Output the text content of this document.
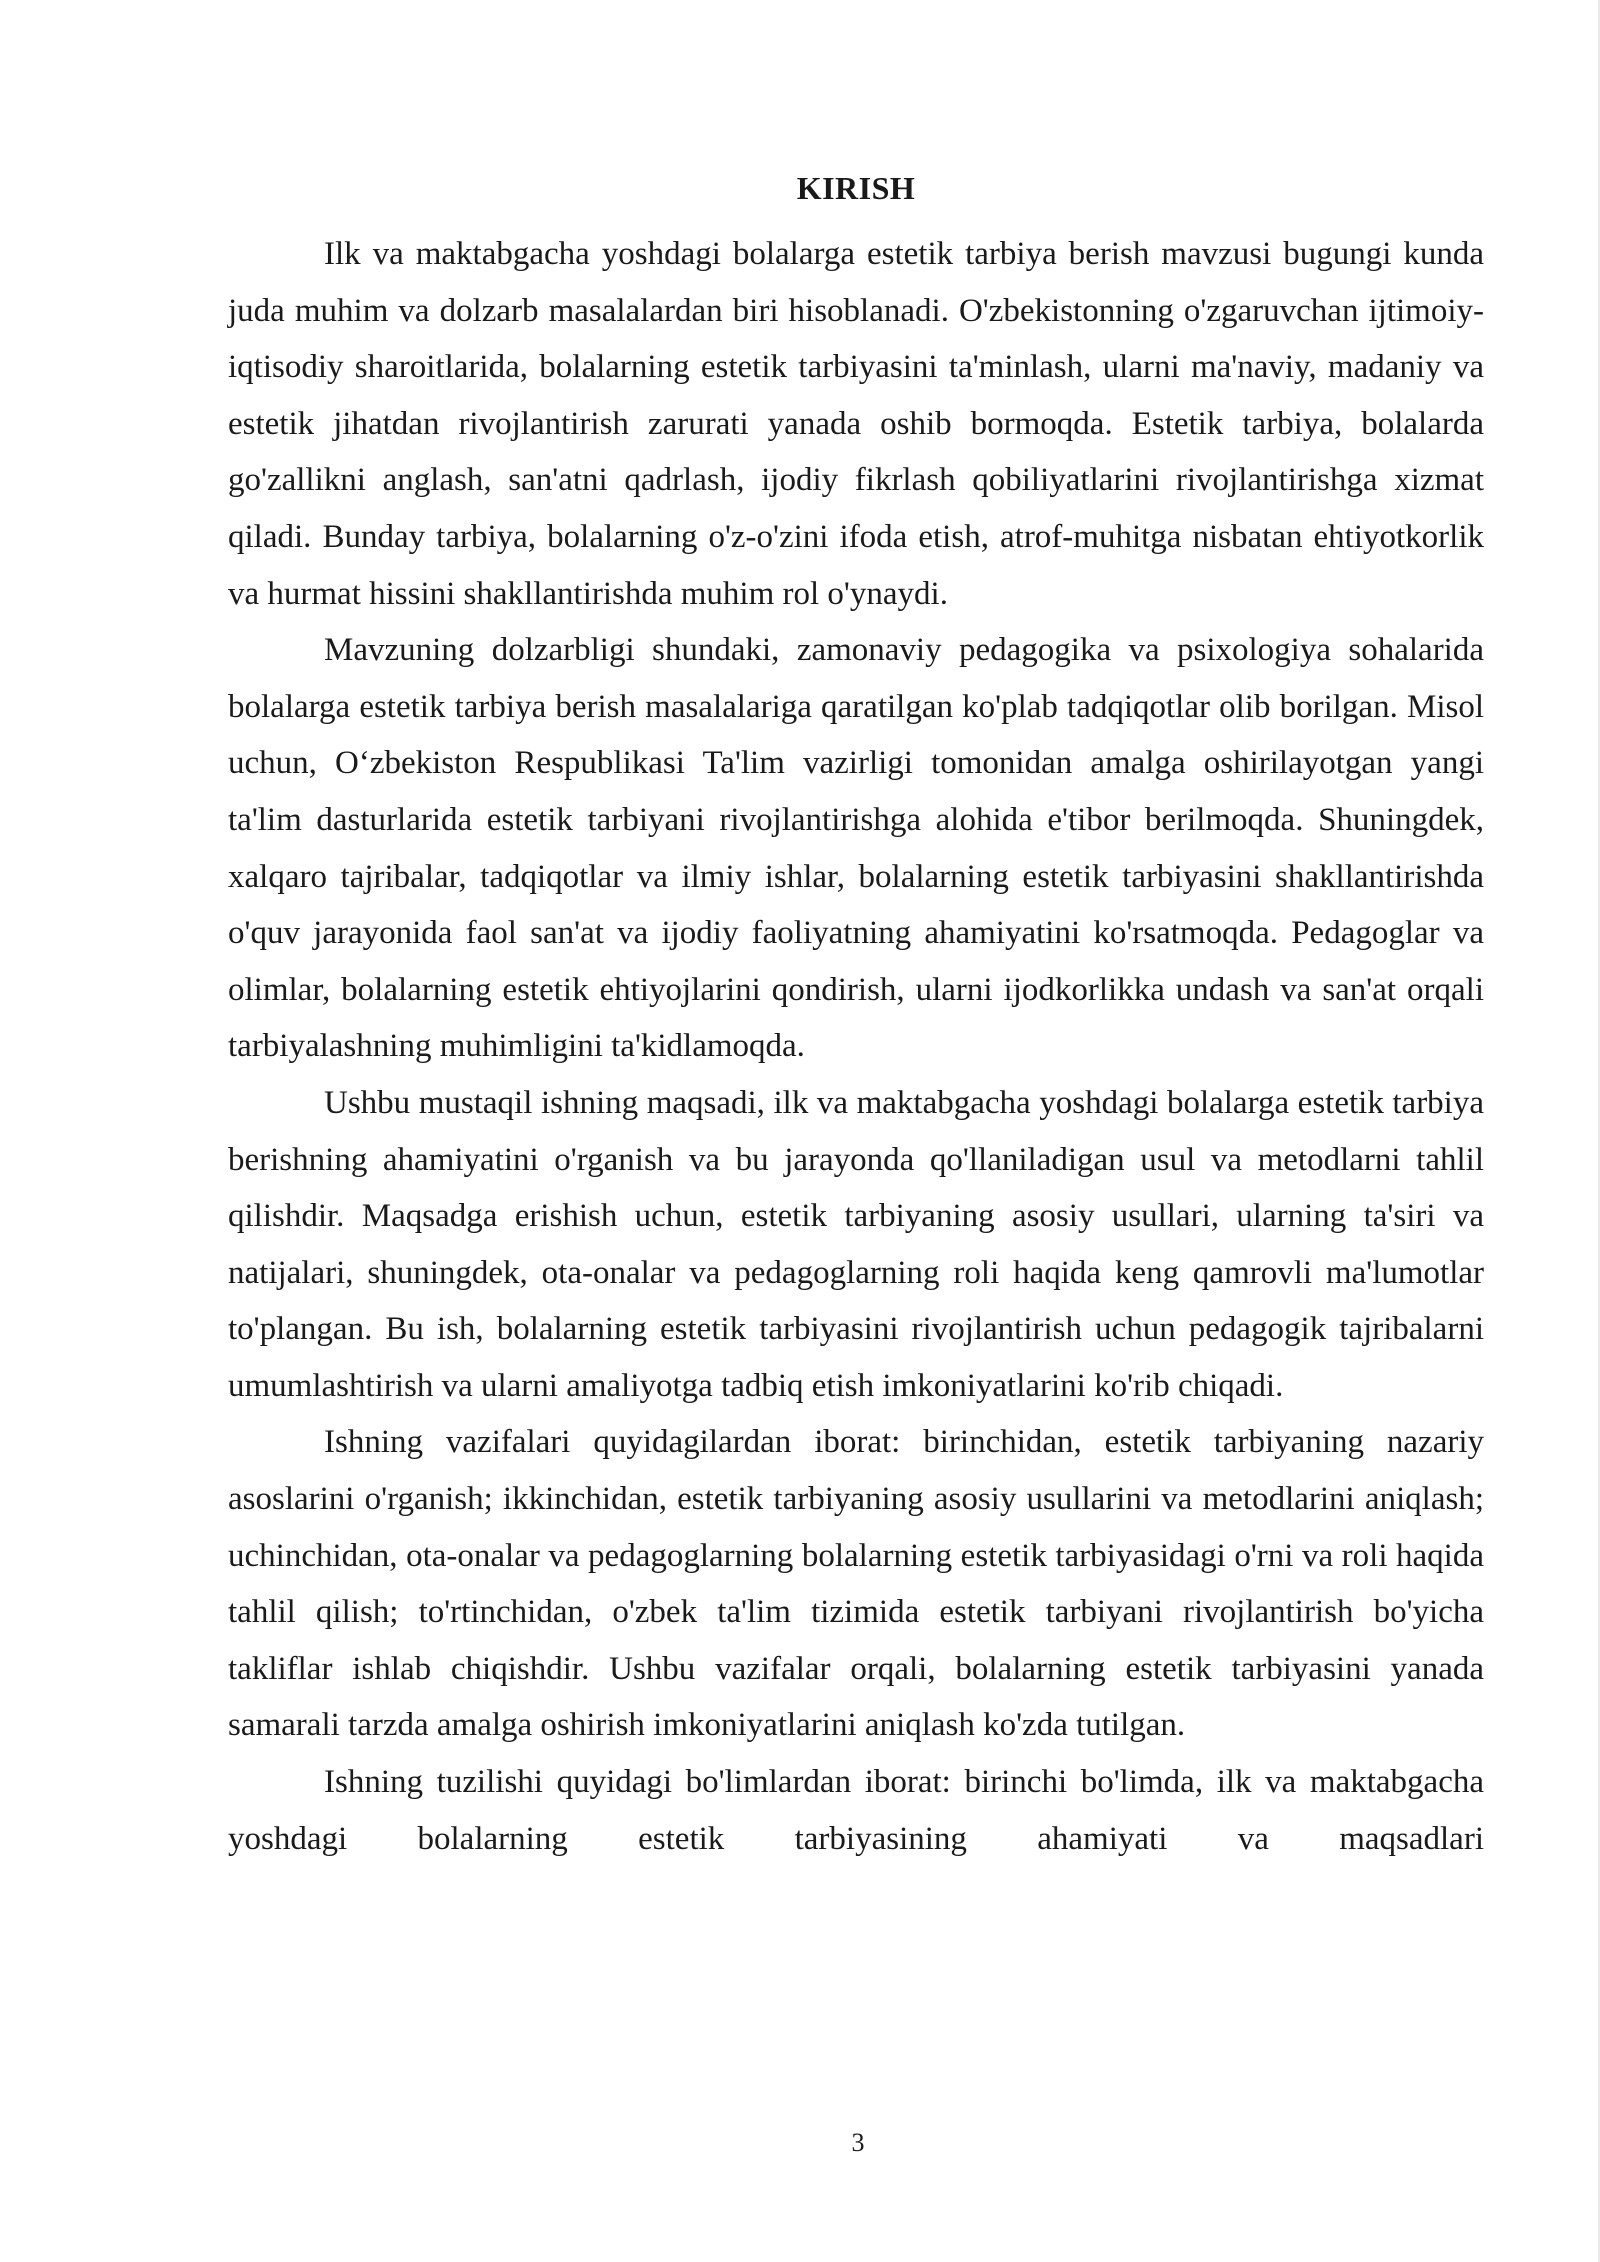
KIRISH

Ilk va maktabgacha yoshdagi bolalarga estetik tarbiya berish mavzusi bugungi kunda juda muhim va dolzarb masalalardan biri hisoblanadi. O'zbekistonning o'zgaruvchan ijtimoiy-iqtisodiy sharoitlarida, bolalarning estetik tarbiyasini ta'minlash, ularni ma'naviy, madaniy va estetik jihatdan rivojlantirish zarurati yanada oshib bormoqda. Estetik tarbiya, bolalarda go'zallikni anglash, san'atni qadrlash, ijodiy fikrlash qobiliyatlarini rivojlantirishga xizmat qiladi. Bunday tarbiya, bolalarning o'z-o'zini ifoda etish, atrof-muhitga nisbatan ehtiyotkorlik va hurmat hissini shakllantirishda muhim rol o'ynaydi.

Mavzuning dolzarbligi shundaki, zamonaviy pedagogika va psixologiya sohalarida bolalarga estetik tarbiya berish masalalariga qaratilgan ko'plab tadqiqotlar olib borilgan. Misol uchun, O‘zbekiston Respublikasi Ta'lim vazirligi tomonidan amalga oshirilayotgan yangi ta'lim dasturlarida estetik tarbiyani rivojlantirishga alohida e'tibor berilmoqda. Shuningdek, xalqaro tajribalar, tadqiqotlar va ilmiy ishlar, bolalarning estetik tarbiyasini shakllantirishda o'quv jarayonida faol san'at va ijodiy faoliyatning ahamiyatini ko'rsatmoqda. Pedagoglar va olimlar, bolalarning estetik ehtiyojlarini qondirish, ularni ijodkorlikka undash va san'at orqali tarbiyalashning muhimligini ta'kidlamoqda.

Ushbu mustaqil ishning maqsadi, ilk va maktabgacha yoshdagi bolalarga estetik tarbiya berishning ahamiyatini o'rganish va bu jarayonda qo'llaniladigan usul va metodlarni tahlil qilishdir. Maqsadga erishish uchun, estetik tarbiyaning asosiy usullari, ularning ta'siri va natijalari, shuningdek, ota-onalar va pedagoglarning roli haqida keng qamrovli ma'lumotlar to'plangan. Bu ish, bolalarning estetik tarbiyasini rivojlantirish uchun pedagogik tajribalarni umumlashtirish va ularni amaliyotga tadbiq etish imkoniyatlarini ko'rib chiqadi.

Ishning vazifalari quyidagilardan iborat: birinchidan, estetik tarbiyaning nazariy asoslarini o'rganish; ikkinchidan, estetik tarbiyaning asosiy usullarini va metodlarini aniqlash; uchinchidan, ota-onalar va pedagoglarning bolalarning estetik tarbiyasidagi o'rni va roli haqida tahlil qilish; to'rtinchidan, o'zbek ta'lim tizimida estetik tarbiyani rivojlantirish bo'yicha takliflar ishlab chiqishdir. Ushbu vazifalar orqali, bolalarning estetik tarbiyasini yanada samarali tarzda amalga oshirish imkoniyatlarini aniqlash ko'zda tutilgan.

Ishning tuzilishi quyidagi bo'limlardan iborat: birinchi bo'limda, ilk va maktabgacha yoshdagi bolalarning estetik tarbiyasining ahamiyati va maqsadlari

3
